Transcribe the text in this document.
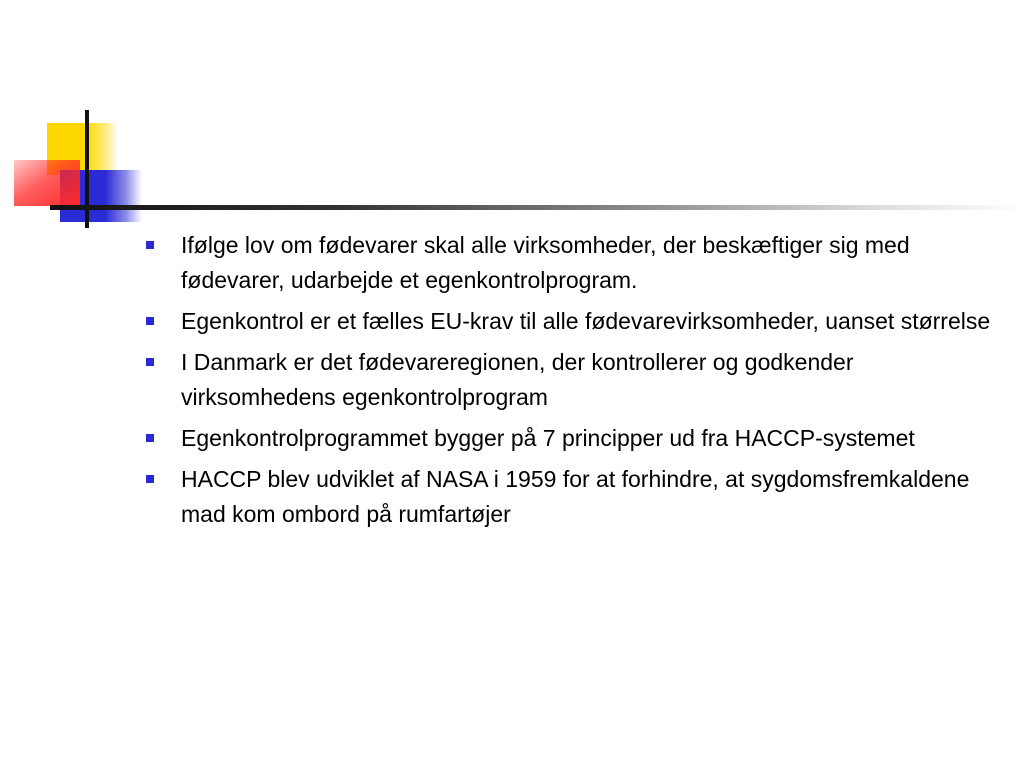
Ifølge lov om fødevarer skal alle virksomheder, der beskæftiger sig med fødevarer, udarbejde et egenkontrolprogram.
Egenkontrol er et fælles EU-krav til alle fødevarevirksomheder, uanset størrelse
I Danmark er det fødevareregionen, der kontrollerer og godkender virksomhedens egenkontrolprogram
Egenkontrolprogrammet bygger på 7 principper ud fra HACCP-systemet
HACCP blev udviklet af NASA i 1959 for at forhindre, at sygdomsfremkaldene mad kom ombord på rumfartøjer
